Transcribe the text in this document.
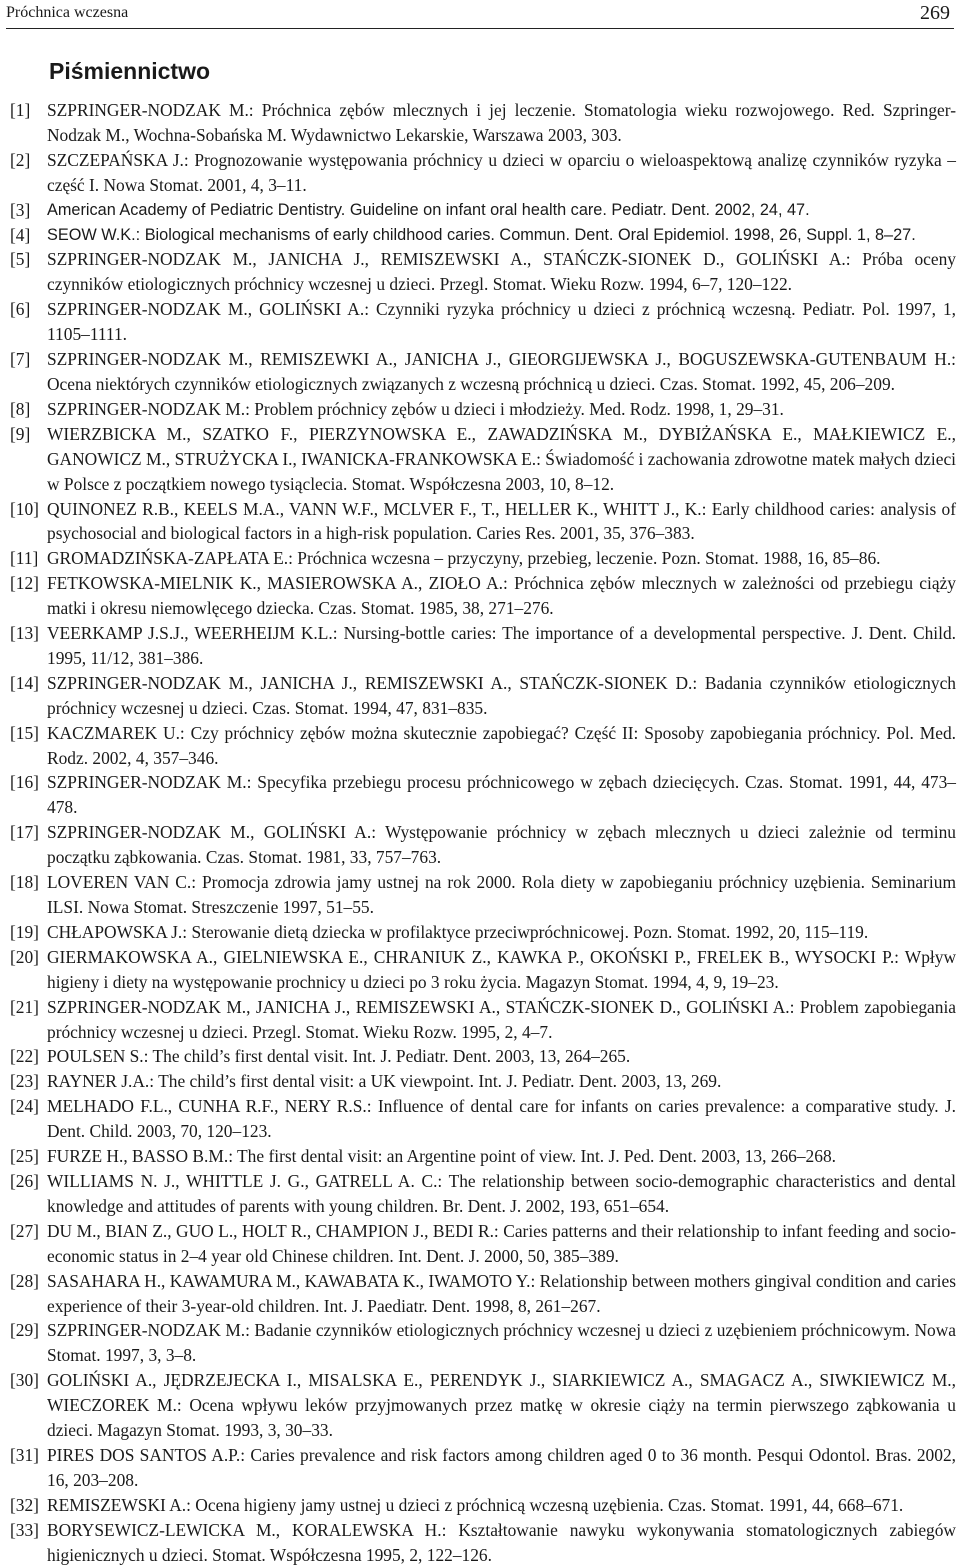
Próchnica wczesna	269
Piśmiennictwo
[1] SZPRINGER-NODZAK M.: Próchnica zębów mlecznych i jej leczenie. Stomatologia wieku rozwojowego. Red. Szpringer-Nodzak M., Wochna-Sobańska M. Wydawnictwo Lekarskie, Warszawa 2003, 303.
[2] SZCZEPAŃSKA J.: Prognozowanie występowania próchnicy u dzieci w oparciu o wieloaspektową analizę czynników ryzyka – część I. Nowa Stomat. 2001, 4, 3–11.
[3]	American Academy of Pediatric Dentistry. Guideline on infant oral health care. Pediatr. Dent. 2002, 24, 47.
[4]	SEOW W.K.: Biological mechanisms of early childhood caries. Commun. Dent. Oral Epidemiol. 1998, 26, Suppl. 1, 8–27.
[5] SZPRINGER-NODZAK M., JANICHA J., REMISZEWSKI A., STAŃCZK-SIONEK D., GOLIŃSKI A.: Próba oceny czynników etiologicznych próchnicy wczesnej u dzieci. Przegl. Stomat. Wieku Rozw. 1994, 6–7, 120–122.
[6] SZPRINGER-NODZAK M., GOLIŃSKI A.: Czynniki ryzyka próchnicy u dzieci z próchnicą wczesną. Pediatr. Pol. 1997, 1, 1105–1111.
[7] SZPRINGER-NODZAK M., REMISZEWKI A., JANICHA J., GIEORGIJEWSKA J., BOGUSZEWSKA-GUTENBAUM H.: Ocena niektórych czynników etiologicznych związanych z wczesną próchnicą u dzieci. Czas. Stomat. 1992, 45, 206–209.
[8] SZPRINGER-NODZAK M.: Problem próchnicy zębów u dzieci i młodzieży. Med. Rodz. 1998, 1, 29–31.
[9] WIERZBICKA M., SZATKO F., PIERZYNOWSKA E., ZAWADZIŃSKA M., DYBIŻAŃSKA E., MAŁKIEWICZ E., GANOWICZ M., STRUŻYCKA I., IWANICKA-FRANKOWSKA E.: Świadomość i zachowania zdrowotne matek małych dzieci w Polsce z początkiem nowego tysiąclecia. Stomat. Współczesna 2003, 10, 8–12.
[10] QUINONEZ R.B., KEELS M.A., VANN W.F., MCLVER F., T., HELLER K., WHITT J., K.: Early childhood caries: analysis of psychosocial and biological factors in a high-risk population. Caries Res. 2001, 35, 376–383.
[11] GROMADZIŃSKA-ZAPŁATA E.: Próchnica wczesna – przyczyny, przebieg, leczenie. Pozn. Stomat. 1988, 16, 85–86.
[12] FETKOWSKA-MIELNIK K., MASIEROWSKA A., ZIOŁO A.: Próchnica zębów mlecznych w zależności od przebiegu ciąży matki i okresu niemowlęcego dziecka. Czas. Stomat. 1985, 38, 271–276.
[13] VEERKAMP J.S.J., WEERHEIJM K.L.: Nursing-bottle caries: The importance of a developmental perspective. J. Dent. Child. 1995, 11/12, 381–386.
[14] SZPRINGER-NODZAK M., JANICHA J., REMISZEWSKI A., STAŃCZK-SIONEK D.: Badania czynników etiologicznych próchnicy wczesnej u dzieci. Czas. Stomat. 1994, 47, 831–835.
[15] KACZMAREK U.: Czy próchnicy zębów można skutecznie zapobiegać? Część II: Sposoby zapobiegania próchnicy. Pol. Med. Rodz. 2002, 4, 357–346.
[16] SZPRINGER-NODZAK M.: Specyfika przebiegu procesu próchnicowego w zębach dziecięcych. Czas. Stomat. 1991, 44, 473–478.
[17] SZPRINGER-NODZAK M., GOLIŃSKI A.: Występowanie próchnicy w zębach mlecznych u dzieci zależnie od terminu początku ząbkowania. Czas. Stomat. 1981, 33, 757–763.
[18] LOVEREN VAN C.: Promocja zdrowia jamy ustnej na rok 2000. Rola diety w zapobieganiu próchnicy uzębienia. Seminarium ILSI. Nowa Stomat. Streszczenie 1997, 51–55.
[19] CHŁAPOWSKA J.: Sterowanie dietą dziecka w profilaktyce przeciwpróchnicowej. Pozn. Stomat. 1992, 20, 115–119.
[20] GIERMAKOWSKA A., GIELNIEWSKA E., CHRANIUK Z., KAWKA P., OKOŃSKI P., FRELEK B., WYSOCKI P.: Wpływ higieny i diety na występowanie prochnicy u dzieci po 3 roku życia. Magazyn Stomat. 1994, 4, 9, 19–23.
[21] SZPRINGER-NODZAK M., JANICHA J., REMISZEWSKI A., STAŃCZK-SIONEK D., GOLIŃSKI A.: Problem zapobiegania próchnicy wczesnej u dzieci. Przegl. Stomat. Wieku Rozw. 1995, 2, 4–7.
[22] POULSEN S.: The child’s first dental visit. Int. J. Pediatr. Dent. 2003, 13, 264–265.
[23] RAYNER J.A.: The child’s first dental visit: a UK viewpoint. Int. J. Pediatr. Dent. 2003, 13, 269.
[24] MELHADO F.L., CUNHA R.F., NERY R.S.: Influence of dental care for infants on caries prevalence: a comparative study. J. Dent. Child. 2003, 70, 120–123.
[25] FURZE H., BASSO B.M.: The first dental visit: an Argentine point of view. Int. J. Ped. Dent. 2003, 13, 266–268.
[26] WILLIAMS N. J., WHITTLE J. G., GATRELL A. C.: The relationship between socio-demographic characteristics and dental knowledge and attitudes of parents with young children. Br. Dent. J. 2002, 193, 651–654.
[27] DU M., BIAN Z., GUO L., HOLT R., CHAMPION J., BEDI R.: Caries patterns and their relationship to infant feeding and socio-economic status in 2–4 year old Chinese children. Int. Dent. J. 2000, 50, 385–389.
[28] SASAHARA H., KAWAMURA M., KAWABATA K., IWAMOTO Y.: Relationship between mothers gingival condition and caries experience of their 3-year-old children. Int. J. Paediatr. Dent. 1998, 8, 261–267.
[29] SZPRINGER-NODZAK M.: Badanie czynników etiologicznych próchnicy wczesnej u dzieci z uzębieniem próchnicowym. Nowa Stomat. 1997, 3, 3–8.
[30] GOLIŃSKI A., JĘDRZEJECKA I., MISALSKA E., PERENDYK J., SIARKIEWICZ A., SMAGACZ A., SIWKIEWICZ M., WIECZOREK M.: Ocena wpływu leków przyjmowanych przez matkę w okresie ciąży na termin pierwszego ząbkowania u dzieci. Magazyn Stomat. 1993, 3, 30–33.
[31] PIRES DOS SANTOS A.P.: Caries prevalence and risk factors among children aged 0 to 36 month. Pesqui Odontol. Bras. 2002, 16, 203–208.
[32] REMISZEWSKI A.: Ocena higieny jamy ustnej u dzieci z próchnicą wczesną uzębienia. Czas. Stomat. 1991, 44, 668–671.
[33] BORYSEWICZ-LEWICKA M., KORALEWSKA H.: Kształtowanie nawyku wykonywania stomatologicznych zabiegów higienicznych u dzieci. Stomat. Współczesna 1995, 2, 122–126.
